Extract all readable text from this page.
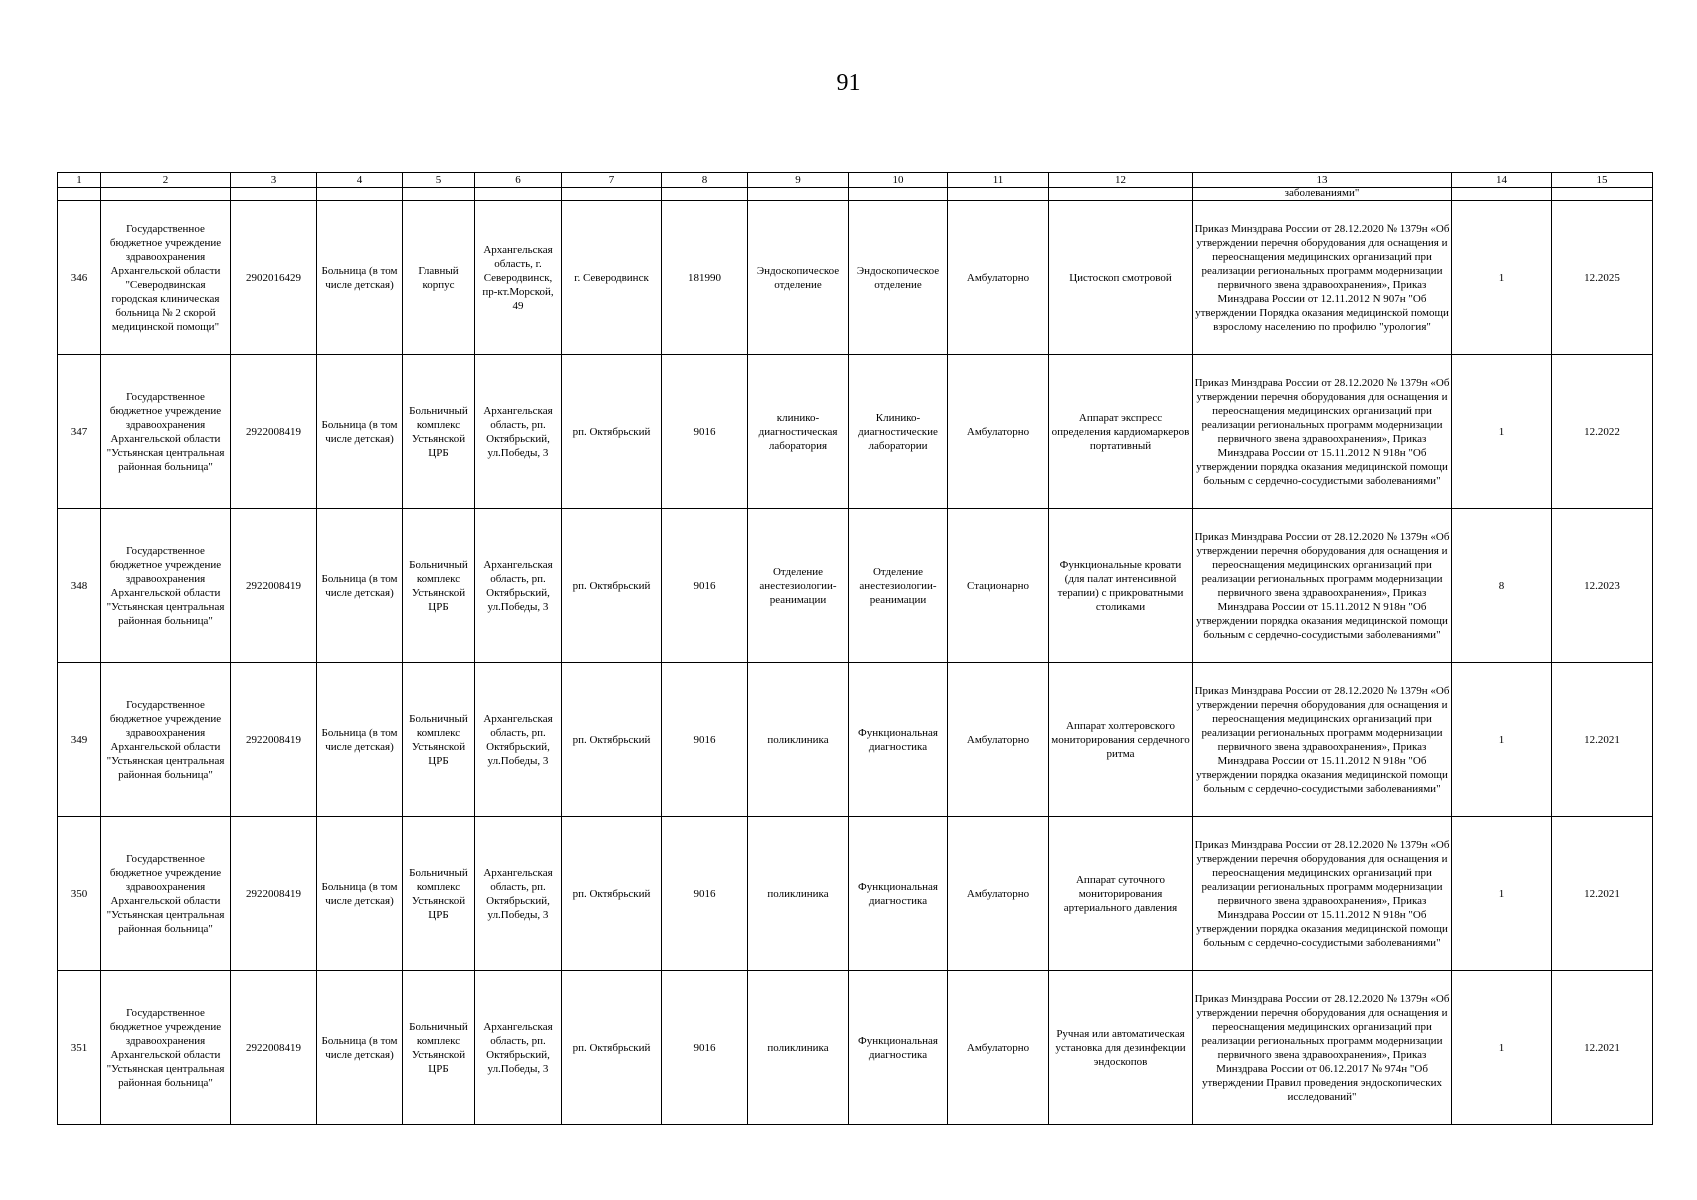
91
1	2	3	4	5	6	7	8	9	10	11	12	13	14	15
												заболеваниями"		
346	Государственное бюджетное учреждение здравоохранения Архангельской области "Северодвинская городская клиническая больница № 2 скорой медицинской помощи"	2902016429	Больница (в том числе детская)	Главный корпус	Архангельская область, г. Северодвинск, пр-кт.Морской, 49	г. Северодвинск	181990	Эндоскопическое отделение	Эндоскопическое отделение	Амбулаторно	Цистоскоп смотровой	Приказ Минздрава России от 28.12.2020 № 1379н «Об утверждении перечня оборудования для оснащения и переоснащения медицинских организаций при реализации региональных программ модернизации первичного звена здравоохранения», Приказ Минздрава России от 12.11.2012 N 907н "Об утверждении Порядка оказания медицинской помощи взрослому населению по профилю "урология"	1	12.2025
347	Государственное бюджетное учреждение здравоохранения Архангельской области "Устьянская центральная районная больница"	2922008419	Больница (в том числе детская)	Больничный комплекс Устьянской ЦРБ	Архангельская область, рп. Октябрьский, ул.Победы, 3	рп. Октябрьский	9016	клинико-диагностическая лаборатория	Клинико-диагностические лаборатории	Амбулаторно	Аппарат экспресс определения кардиомаркеров портативный	Приказ Минздрава России от 28.12.2020 № 1379н «Об утверждении перечня оборудования для оснащения и переоснащения медицинских организаций при реализации региональных программ модернизации первичного звена здравоохранения», Приказ Минздрава России от 15.11.2012 N 918н "Об утверждении порядка оказания медицинской помощи больным с сердечно-сосудистыми заболеваниями"	1	12.2022
348	Государственное бюджетное учреждение здравоохранения Архангельской области "Устьянская центральная районная больница"	2922008419	Больница (в том числе детская)	Больничный комплекс Устьянской ЦРБ	Архангельская область, рп. Октябрьский, ул.Победы, 3	рп. Октябрьский	9016	Отделение анестезиологии-реанимации	Отделение анестезиологии-реанимации	Стационарно	Функциональные кровати (для палат интенсивной терапии) с прикроватными столиками	Приказ Минздрава России от 28.12.2020 № 1379н «Об утверждении перечня оборудования для оснащения и переоснащения медицинских организаций при реализации региональных программ модернизации первичного звена здравоохранения», Приказ Минздрава России от 15.11.2012 N 918н "Об утверждении порядка оказания медицинской помощи больным с сердечно-сосудистыми заболеваниями"	8	12.2023
349	Государственное бюджетное учреждение здравоохранения Архангельской области "Устьянская центральная районная больница"	2922008419	Больница (в том числе детская)	Больничный комплекс Устьянской ЦРБ	Архангельская область, рп. Октябрьский, ул.Победы, 3	рп. Октябрьский	9016	поликлиника	Функциональная диагностика	Амбулаторно	Аппарат холтеровского мониторирования сердечного ритма	Приказ Минздрава России от 28.12.2020 № 1379н «Об утверждении перечня оборудования для оснащения и переоснащения медицинских организаций при реализации региональных программ модернизации первичного звена здравоохранения», Приказ Минздрава России от 15.11.2012 N 918н "Об утверждении порядка оказания медицинской помощи больным с сердечно-сосудистыми заболеваниями"	1	12.2021
350	Государственное бюджетное учреждение здравоохранения Архангельской области "Устьянская центральная районная больница"	2922008419	Больница (в том числе детская)	Больничный комплекс Устьянской ЦРБ	Архангельская область, рп. Октябрьский, ул.Победы, 3	рп. Октябрьский	9016	поликлиника	Функциональная диагностика	Амбулаторно	Аппарат суточного мониторирования артериального давления	Приказ Минздрава России от 28.12.2020 № 1379н «Об утверждении перечня оборудования для оснащения и переоснащения медицинских организаций при реализации региональных программ модернизации первичного звена здравоохранения», Приказ Минздрава России от 15.11.2012 N 918н "Об утверждении порядка оказания медицинской помощи больным с сердечно-сосудистыми заболеваниями"	1	12.2021
351	Государственное бюджетное учреждение здравоохранения Архангельской области "Устьянская центральная районная больница"	2922008419	Больница (в том числе детская)	Больничный комплекс Устьянской ЦРБ	Архангельская область, рп. Октябрьский, ул.Победы, 3	рп. Октябрьский	9016	поликлиника	Функциональная диагностика	Амбулаторно	Ручная или автоматическая установка для дезинфекции эндоскопов	Приказ Минздрава России от 28.12.2020 № 1379н «Об утверждении перечня оборудования для оснащения и переоснащения медицинских организаций при реализации региональных программ модернизации первичного звена здравоохранения», Приказ Минздрава России от 06.12.2017 № 974н "Об утверждении Правил проведения эндоскопических исследований"	1	12.2021
